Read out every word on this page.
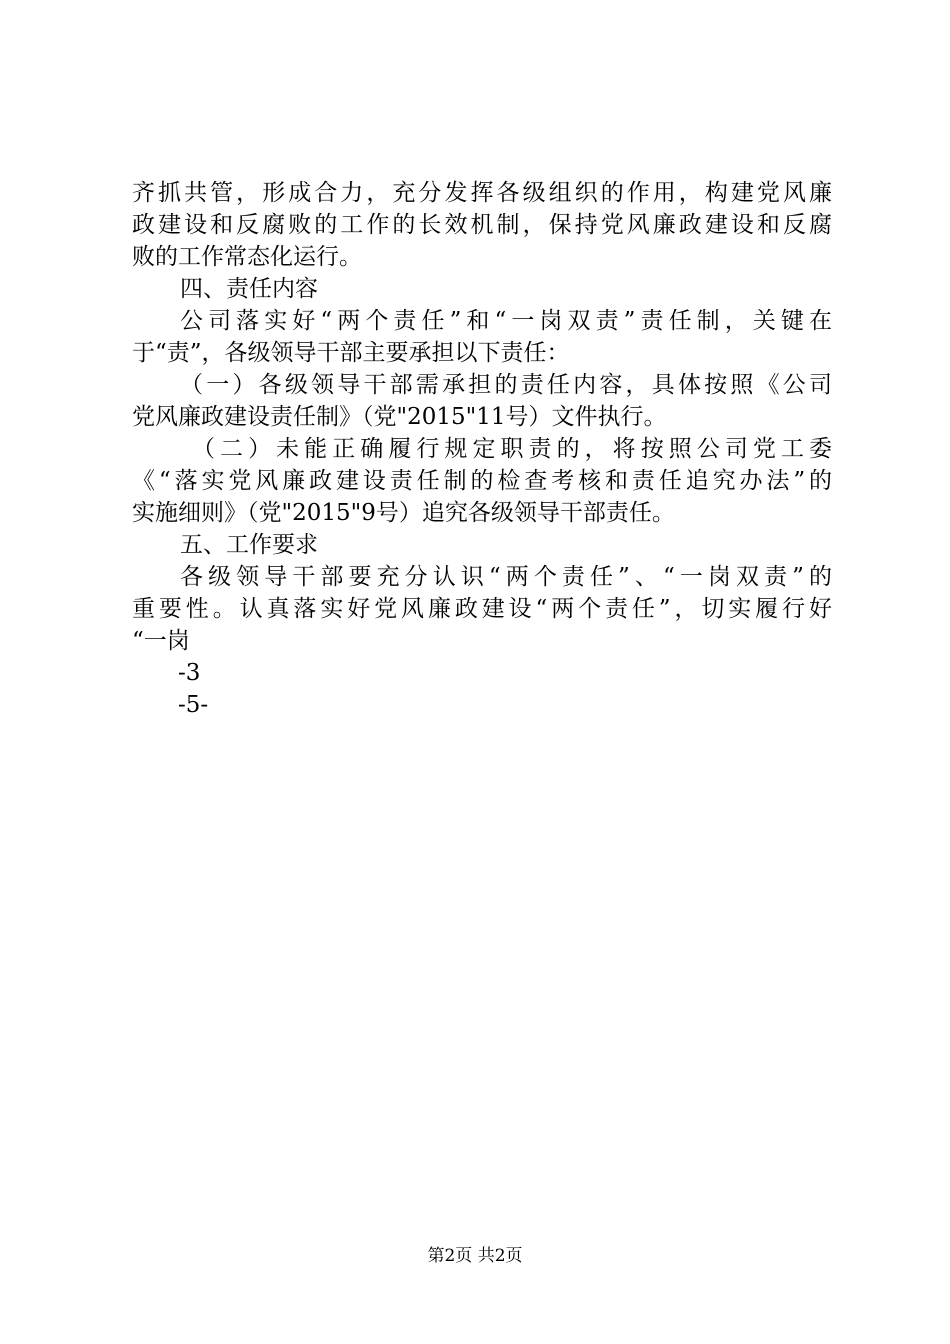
齐抓共管，形成合力，充分发挥各级组织的作用，构建党风廉
政建设和反腐败的工作的长效机制，保持党风廉政建设和反腐
败的工作常态化运行。
四、责任内容
公司落实好“两个责任”和“一岗双责”责任制，关键在
于“责”，各级领导干部主要承担以下责任：
（一）各级领导干部需承担的责任内容，具体按照《公司
党风廉政建设责任制》（党"2015"11号）文件执行。
（二）未能正确履行规定职责的，将按照公司党工委
《“落实党风廉政建设责任制的检查考核和责任追究办法”的
实施细则》（党"2015"9号）追究各级领导干部责任。
五、工作要求
各级领导干部要充分认识“两个责任”、“一岗双责”的
重要性。认真落实好党风廉政建设“两个责任”，切实履行好
“一岗
-3
-5-
第2页 共2页
